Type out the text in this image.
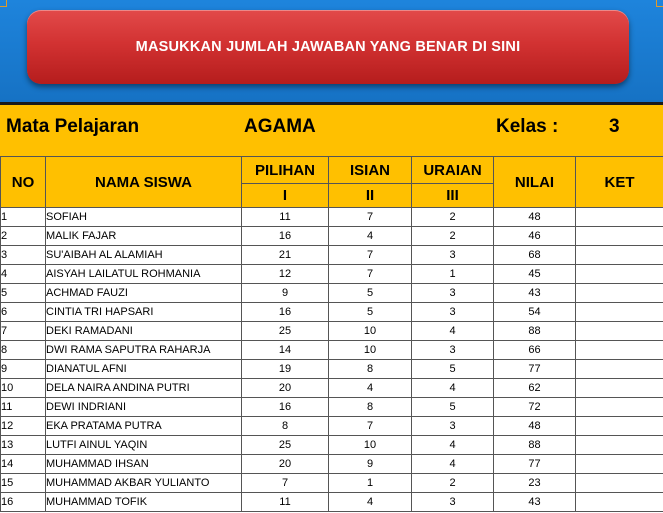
MASUKKAN JUMLAH JAWABAN YANG BENAR DI SINI
Mata Pelajaran	AGAMA	Kelas :	3
NO	NAMA SISWA	PILIHAN	ISIAN	URAIAN	NILAI	KET
		I	II	III		
1	SOFIAH	11	7	2	48	
2	MALIK FAJAR	16	4	2	46	
3	SU'AIBAH AL ALAMIAH	21	7	3	68	
4	AISYAH LAILATUL ROHMANIA	12	7	1	45	
5	ACHMAD FAUZI	9	5	3	43	
6	CINTIA TRI HAPSARI	16	5	3	54	
7	DEKI RAMADANI	25	10	4	88	
8	DWI RAMA SAPUTRA RAHARJA	14	10	3	66	
9	DIANATUL AFNI	19	8	5	77	
10	DELA NAIRA ANDINA PUTRI	20	4	4	62	
11	DEWI INDRIANI	16	8	5	72	
12	EKA PRATAMA PUTRA	8	7	3	48	
13	LUTFI AINUL YAQIN	25	10	4	88	
14	MUHAMMAD IHSAN	20	9	4	77	
15	MUHAMMAD AKBAR YULIANTO	7	1	2	23	
16	MUHAMMAD TOFIK	11	4	3	43	
